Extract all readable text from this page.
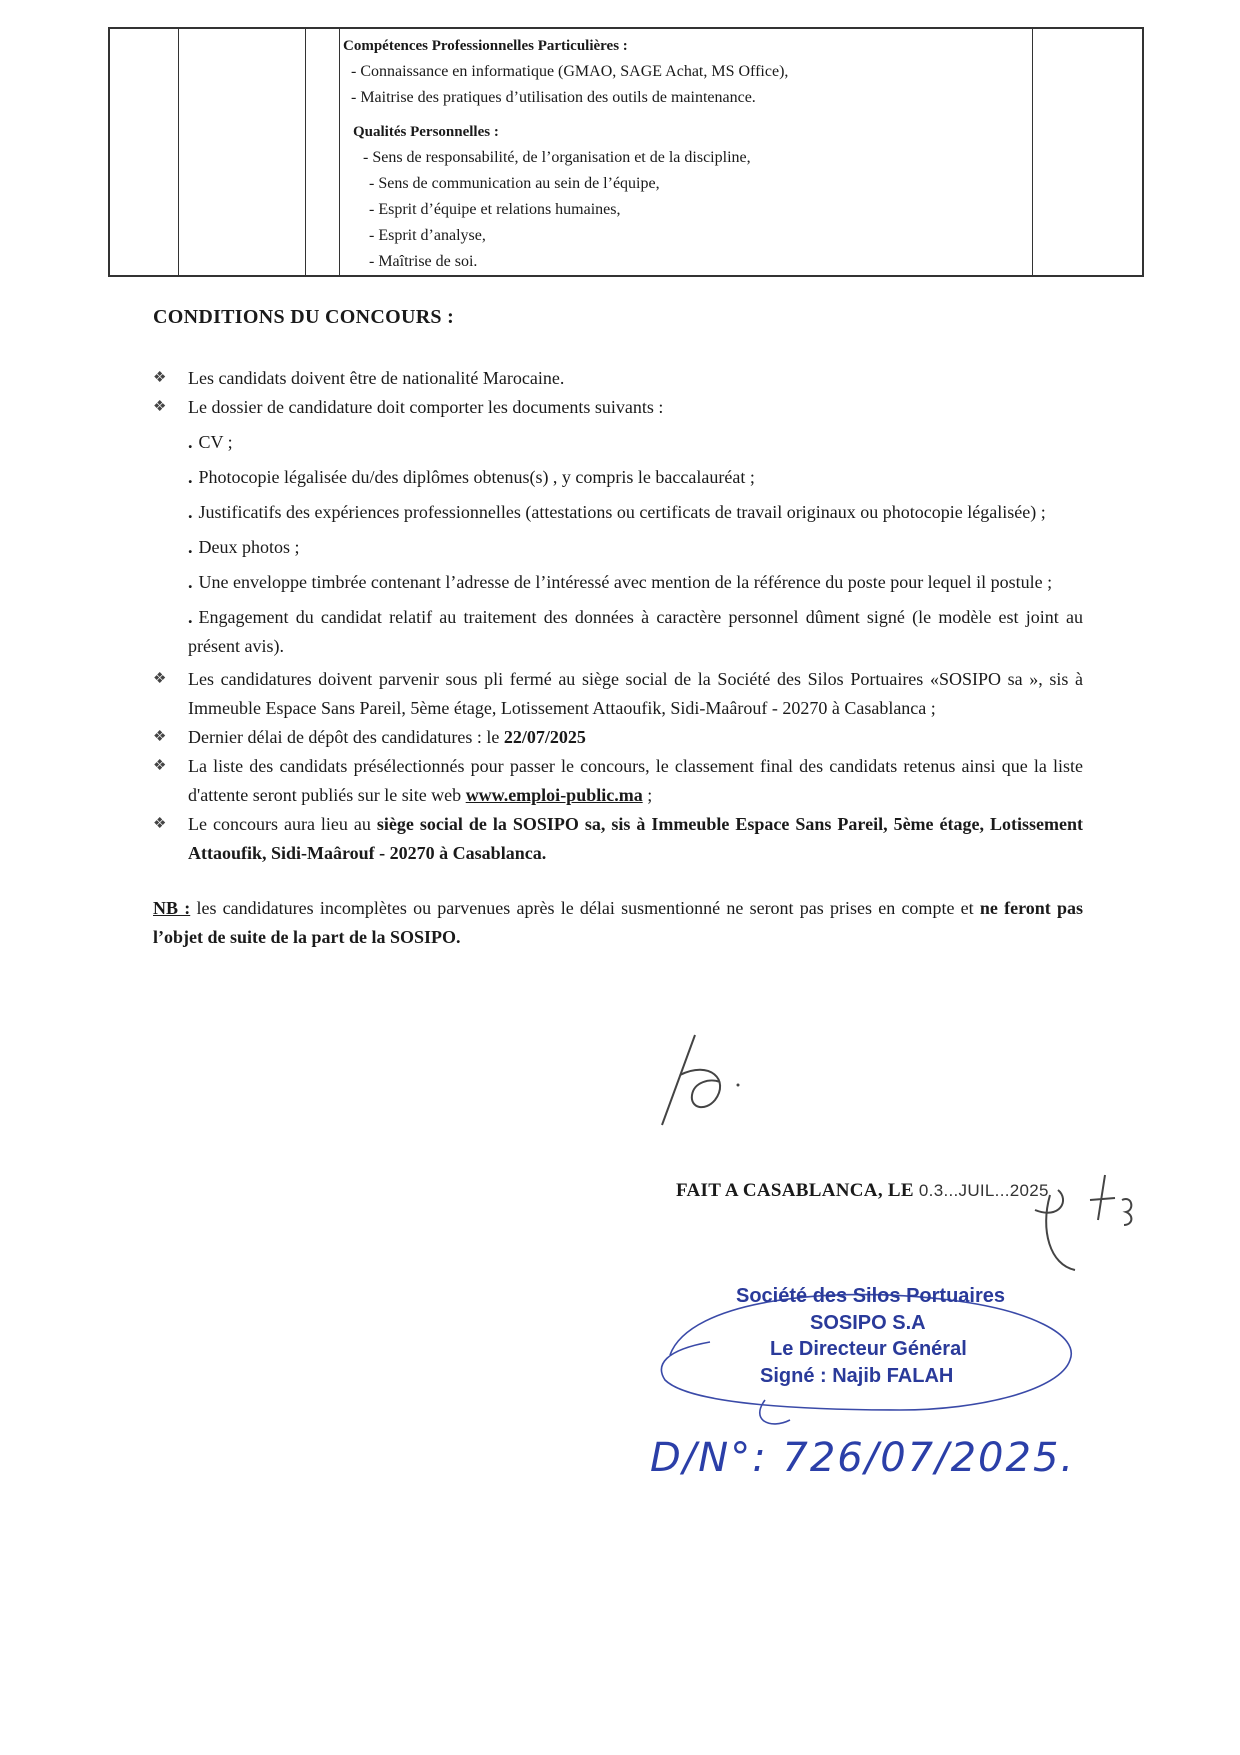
Compétences Professionnelles Particulières :
- Connaissance en informatique (GMAO, SAGE Achat, MS Office),
- Maitrise des pratiques d’utilisation des outils de maintenance.
Qualités Personnelles :
- Sens de responsabilité, de l’organisation et de la discipline,
- Sens de communication au sein de l’équipe,
- Esprit d’équipe et relations humaines,
- Esprit d’analyse,
- Maîtrise de soi.
CONDITIONS DU CONCOURS :
❖ Les candidats doivent être de nationalité Marocaine.
❖ Le dossier de candidature doit comporter les documents suivants :
. CV ;
. Photocopie légalisée du/des diplômes obtenus(s) , y compris le baccalauréat ;
. Justificatifs des expériences professionnelles (attestations ou certificats de travail originaux ou photocopie légalisée) ;
. Deux photos ;
. Une enveloppe timbrée contenant l’adresse de l’intéressé avec mention de la référence du poste pour lequel il postule ;
. Engagement du candidat relatif au traitement des données à caractère personnel dûment signé (le modèle est joint au présent avis).
❖ Les candidatures doivent parvenir sous pli fermé au siège social de la Société des Silos Portuaires «SOSIPO sa », sis à Immeuble Espace Sans Pareil, 5ème étage, Lotissement Attaoufik, Sidi-Maârouf - 20270 à Casablanca ;
❖ Dernier délai de dépôt des candidatures : le 22/07/2025
❖ La liste des candidats présélectionnés pour passer le concours, le classement final des candidats retenus ainsi que la liste d'attente seront publiés sur le site web www.emploi-public.ma ;
❖ Le concours aura lieu au siège social de la SOSIPO sa, sis à Immeuble Espace Sans Pareil, 5ème étage, Lotissement Attaoufik, Sidi-Maârouf - 20270 à Casablanca.
NB : les candidatures incomplètes ou parvenues après le délai susmentionné ne seront pas prises en compte et ne feront pas l’objet de suite de la part de la SOSIPO.
FAIT A CASABLANCA, LE 0.3...JUIL...2025
Société des Silos Portuaires
SOSIPO S.A
Le Directeur Général
Signé : Najib FALAH
D/N°: 726/07/2025.
